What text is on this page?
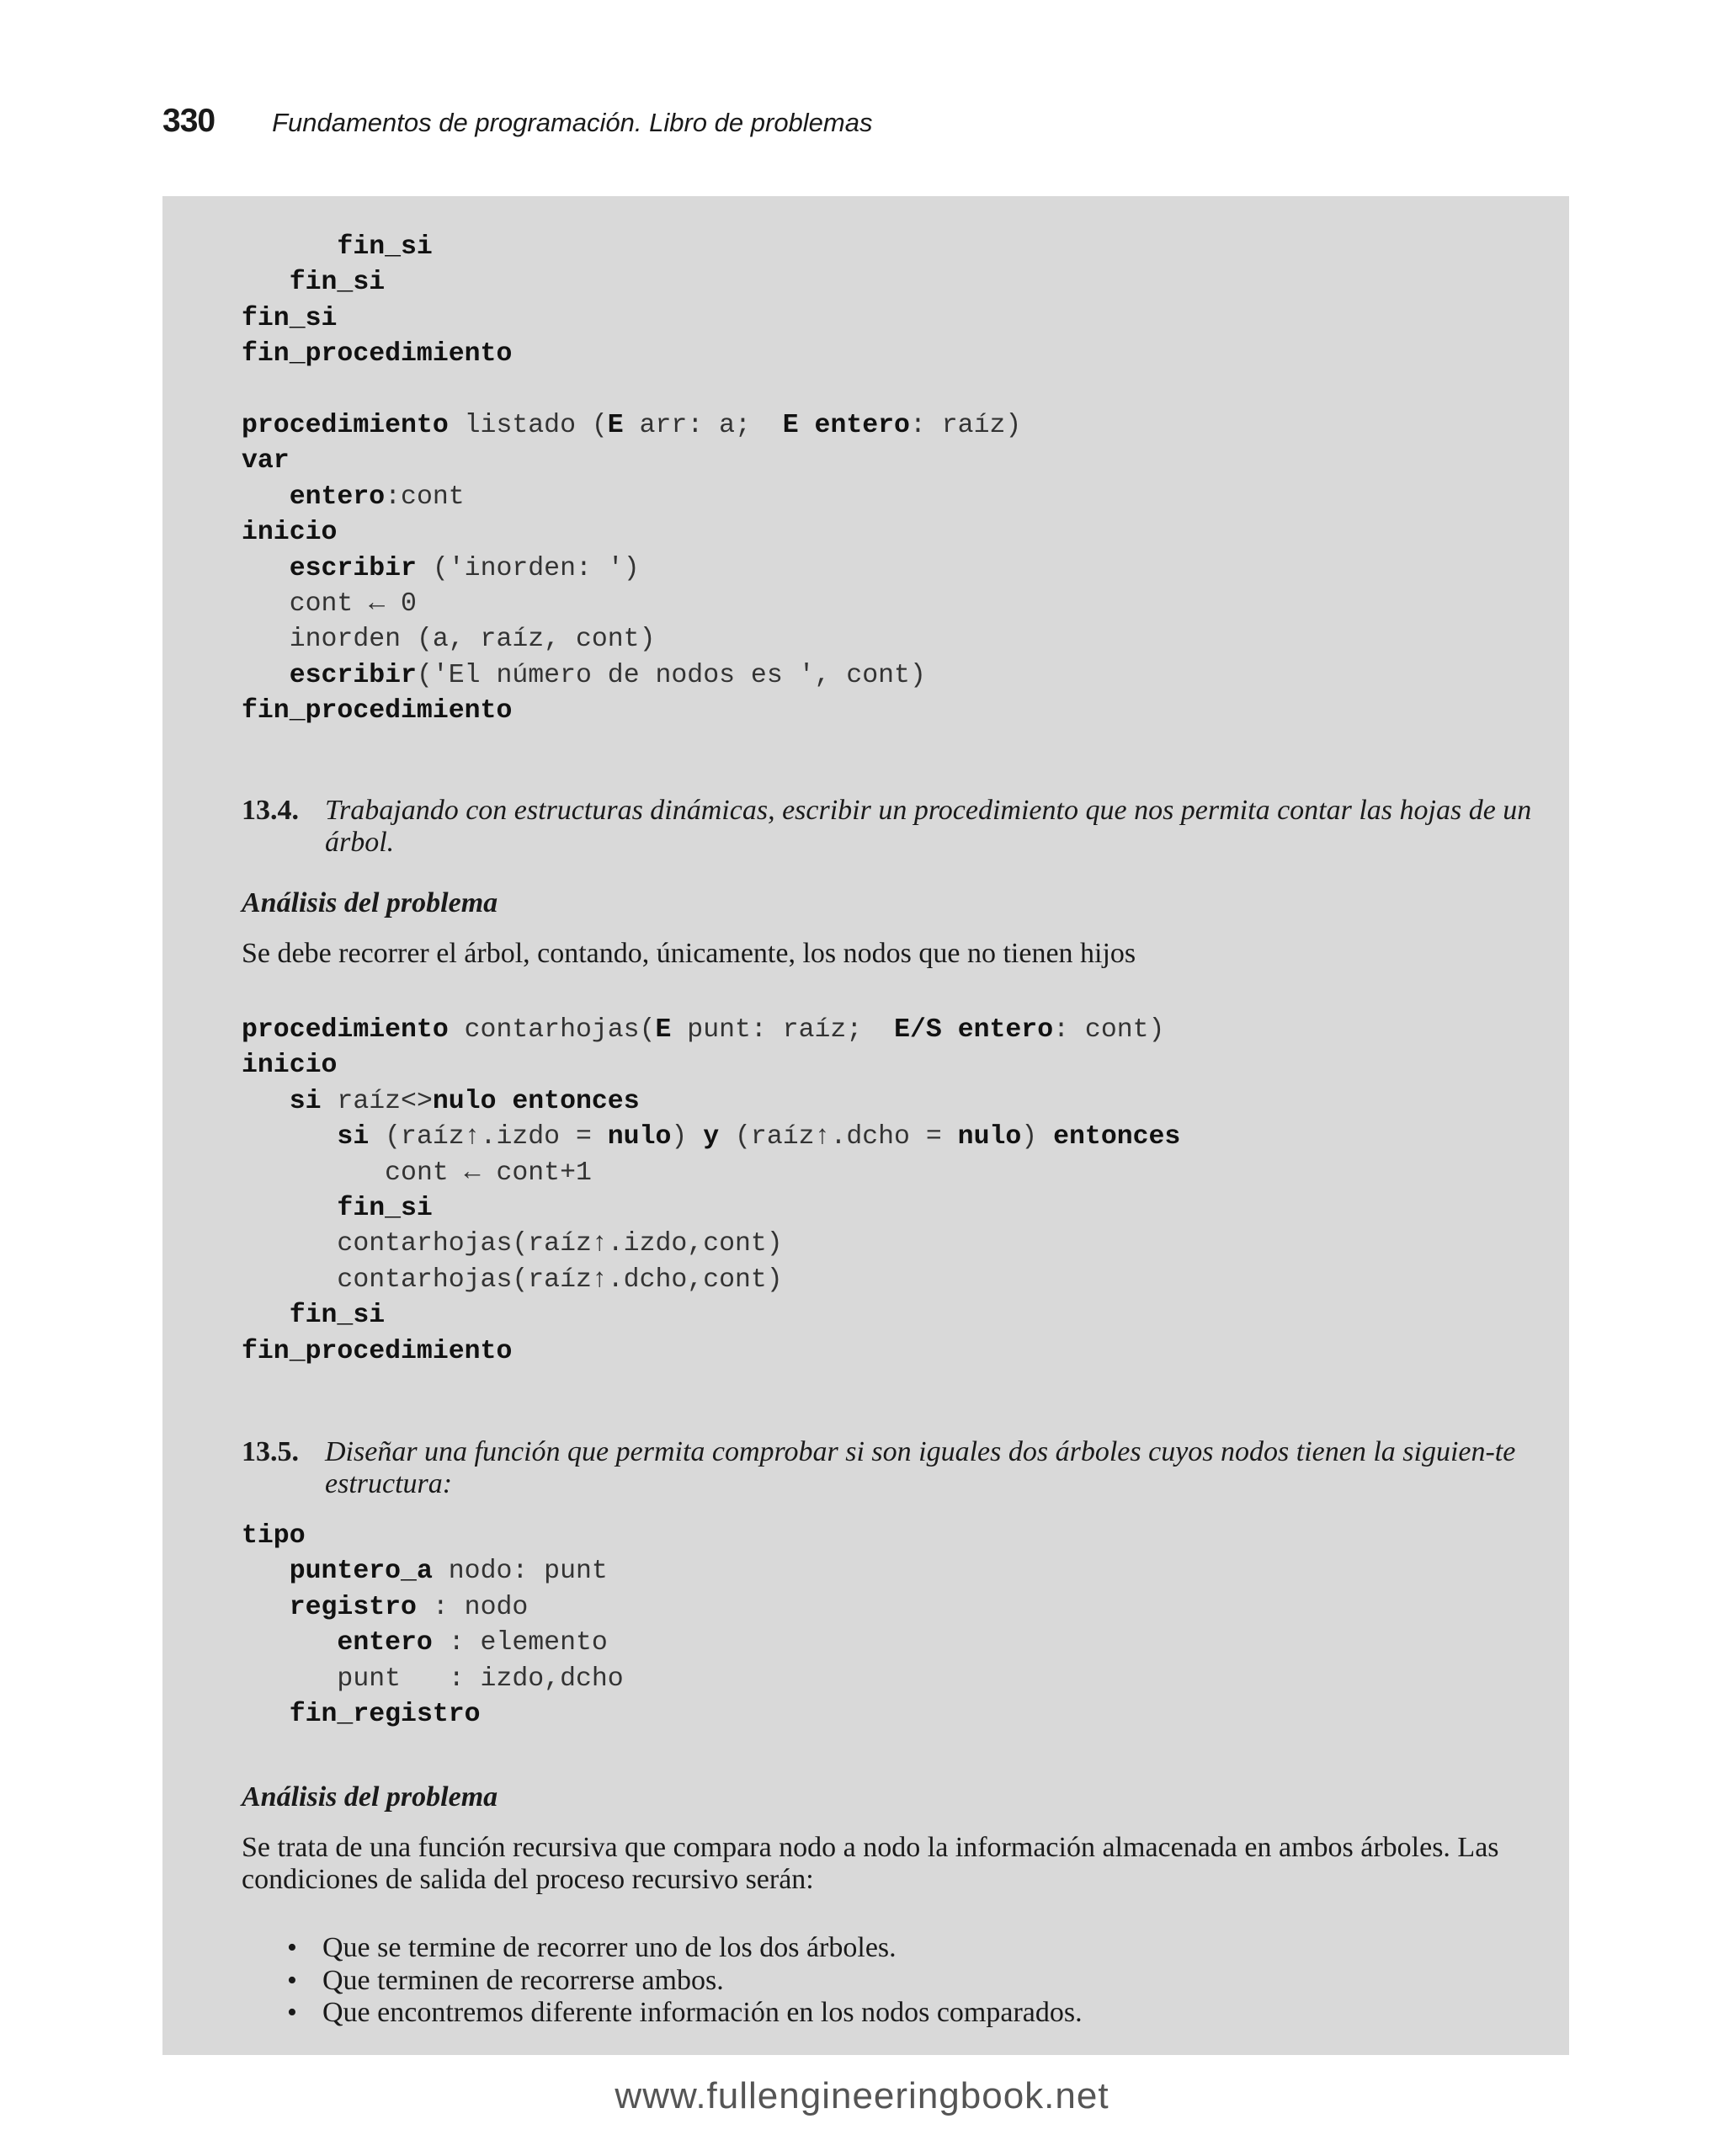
330 Fundamentos de programación. Libro de problemas
fin_si
fin_si
fin_si
fin_procedimiento
procedimiento listado (E arr: a;  E entero: raíz)
var
entero:cont
inicio
escribir ('inorden: ')
cont ← 0
inorden (a, raíz, cont)
escribir('El número de nodos es ', cont)
fin_procedimiento
13.4. Trabajando con estructuras dinámicas, escribir un procedimiento que nos permita contar las hojas de un árbol.
Análisis del problema
Se debe recorrer el árbol, contando, únicamente, los nodos que no tienen hijos
procedimiento contarhojas(E punt: raíz;  E/S entero: cont)
inicio
si raíz<>nulo entonces
si (raíz↑.izdo = nulo) y (raíz↑.dcho = nulo) entonces
cont ← cont+1
fin_si
contarhojas(raíz↑.izdo,cont)
contarhojas(raíz↑.dcho,cont)
fin_si
fin_procedimiento
13.5. Diseñar una función que permita comprobar si son iguales dos árboles cuyos nodos tienen la siguien-te estructura:
tipo
puntero_a nodo: punt
registro : nodo
entero : elemento
punt   : izdo,dcho
fin_registro
Análisis del problema
Se trata de una función recursiva que compara nodo a nodo la información almacenada en ambos árboles. Las condiciones de salida del proceso recursivo serán:
• Que se termine de recorrer uno de los dos árboles.
• Que terminen de recorrerse ambos.
• Que encontremos diferente información en los nodos comparados.
www.fullengineeringbook.net
